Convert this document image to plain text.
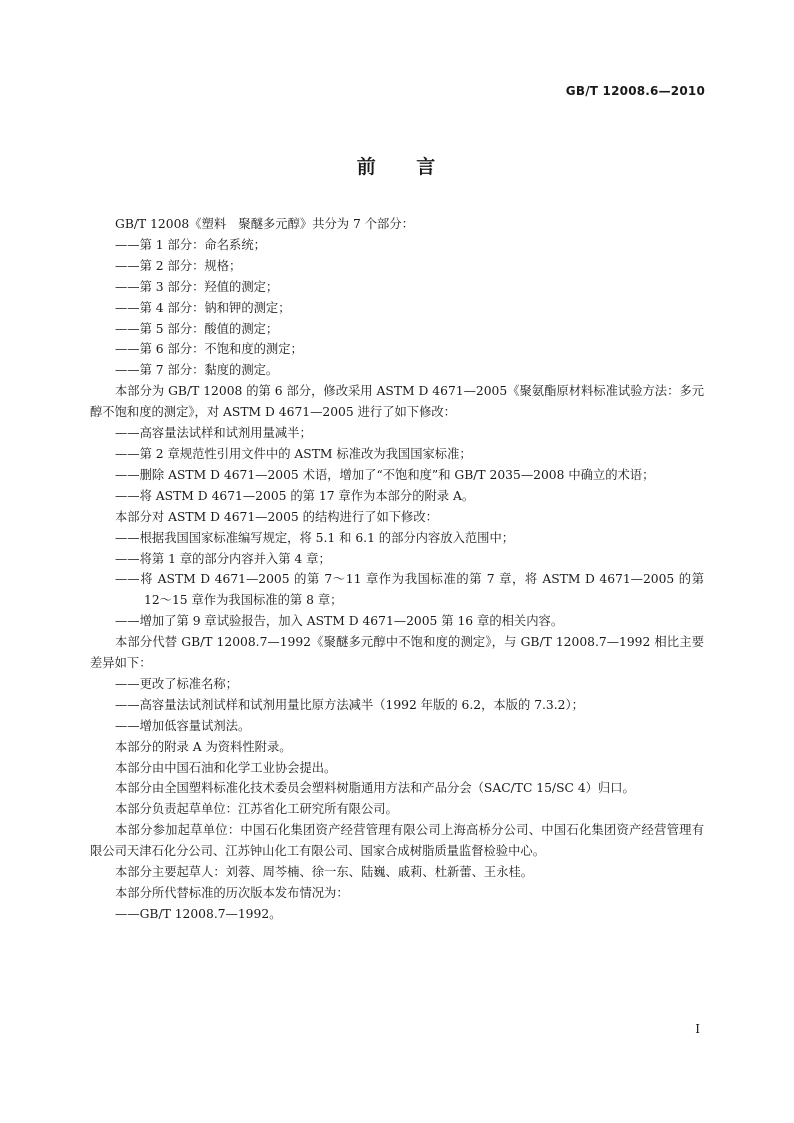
GB/T 12008.6—2010
前 言

GB/T 12008《塑料　聚醚多元醇》共分为 7 个部分：

——第 1 部分：命名系统；

——第 2 部分：规格；

——第 3 部分：羟值的测定；

——第 4 部分：钠和钾的测定；

——第 5 部分：酸值的测定；

——第 6 部分：不饱和度的测定；

——第 7 部分：黏度的测定。

本部分为 GB/T 12008 的第 6 部分，修改采用 ASTM D 4671—2005《聚氨酯原材料标准试验方法：多元醇不饱和度的测定》，对 ASTM D 4671—2005 进行了如下修改：

——高容量法试样和试剂用量减半；

——第 2 章规范性引用文件中的 ASTM 标准改为我国国家标准；

——删除 ASTM D 4671—2005 术语，增加了“不饱和度”和 GB/T 2035—2008 中确立的术语；

——将 ASTM D 4671—2005 的第 17 章作为本部分的附录 A。

本部分对 ASTM D 4671—2005 的结构进行了如下修改：

——根据我国国家标准编写规定，将 5.1 和 6.1 的部分内容放入范围中；

——将第 1 章的部分内容并入第 4 章；

——将 ASTM D 4671—2005 的第 7～11 章作为我国标准的第 7 章，将 ASTM D 4671—2005 的第 12～15 章作为我国标准的第 8 章；

——增加了第 9 章试验报告，加入 ASTM D 4671—2005 第 16 章的相关内容。

本部分代替 GB/T 12008.7—1992《聚醚多元醇中不饱和度的测定》，与 GB/T 12008.7—1992 相比主要差异如下：

——更改了标准名称；

——高容量法试剂试样和试剂用量比原方法减半（1992 年版的 6.2，本版的 7.3.2）；

——增加低容量试剂法。

本部分的附录 A 为资料性附录。

本部分由中国石油和化学工业协会提出。

本部分由全国塑料标准化技术委员会塑料树脂通用方法和产品分会（SAC/TC 15/SC 4）归口。

本部分负责起草单位：江苏省化工研究所有限公司。

本部分参加起草单位：中国石化集团资产经营管理有限公司上海高桥分公司、中国石化集团资产经营管理有限公司天津石化分公司、江苏钟山化工有限公司、国家合成树脂质量监督检验中心。

本部分主要起草人：刘蓉、周芩楠、徐一东、陆巍、戚莉、杜新蕾、王永桂。

本部分所代替标准的历次版本发布情况为：

——GB/T 12008.7—1992。

I
